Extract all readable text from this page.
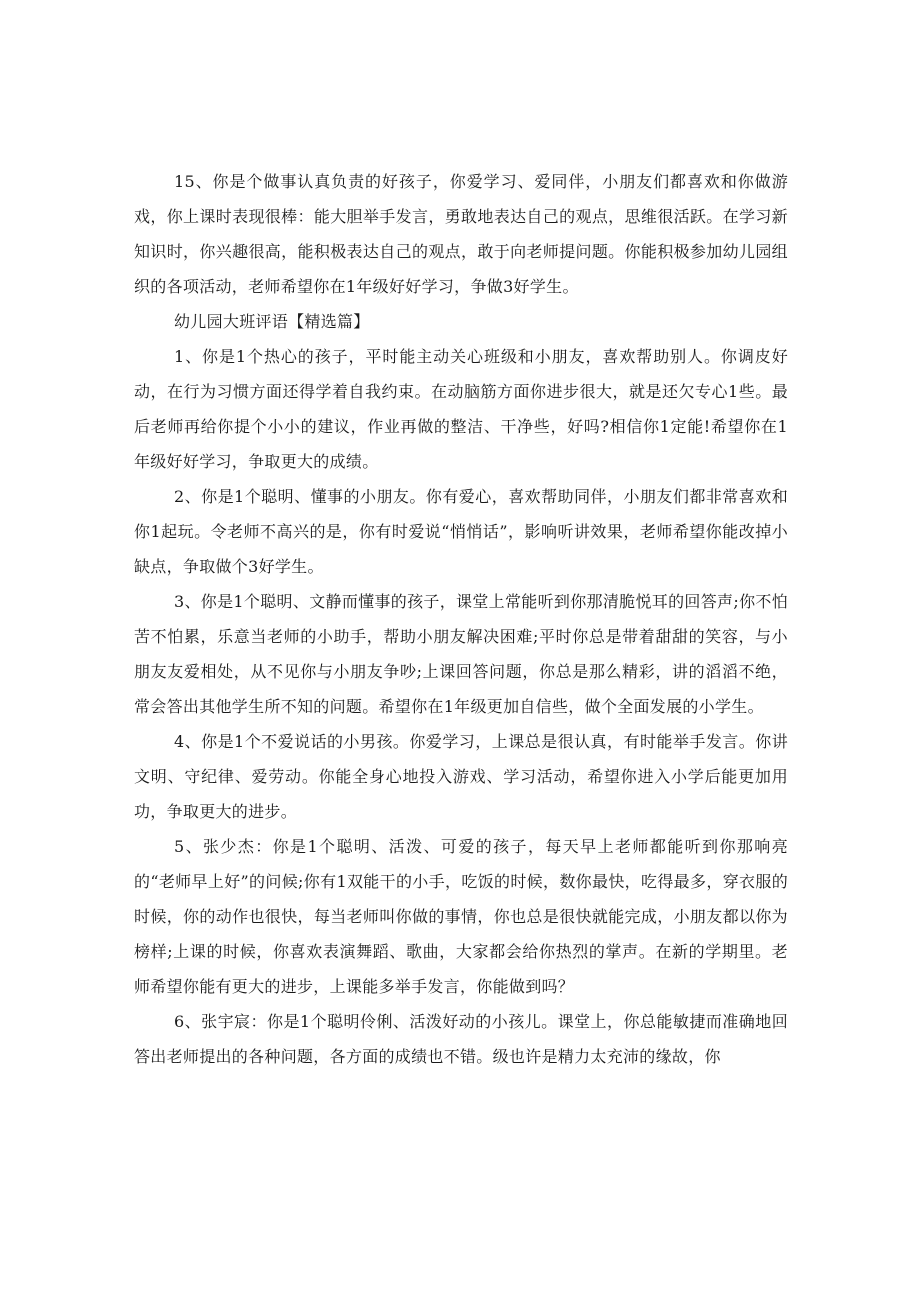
15、你是个做事认真负责的好孩子，你爱学习、爱同伴，小朋友们都喜欢和你做游戏，你上课时表现很棒：能大胆举手发言，勇敢地表达自己的观点，思维很活跃。在学习新知识时，你兴趣很高，能积极表达自己的观点，敢于向老师提问题。你能积极参加幼儿园组织的各项活动，老师希望你在1年级好好学习，争做3好学生。

幼儿园大班评语【精选篇】

1、你是1个热心的孩子，平时能主动关心班级和小朋友，喜欢帮助别人。你调皮好动，在行为习惯方面还得学着自我约束。在动脑筋方面你进步很大，就是还欠专心1些。最后老师再给你提个小小的建议，作业再做的整洁、干净些，好吗?相信你1定能!希望你在1年级好好学习，争取更大的成绩。

2、你是1个聪明、懂事的小朋友。你有爱心，喜欢帮助同伴，小朋友们都非常喜欢和你1起玩。令老师不高兴的是，你有时爱说“悄悄话”，影响听讲效果，老师希望你能改掉小缺点，争取做个3好学生。

3、你是1个聪明、文静而懂事的孩子，课堂上常能听到你那清脆悦耳的回答声;你不怕苦不怕累，乐意当老师的小助手，帮助小朋友解决困难;平时你总是带着甜甜的笑容，与小朋友友爱相处，从不见你与小朋友争吵;上课回答问题，你总是那么精彩，讲的滔滔不绝，常会答出其他学生所不知的问题。希望你在1年级更加自信些，做个全面发展的小学生。

4、你是1个不爱说话的小男孩。你爱学习，上课总是很认真，有时能举手发言。你讲文明、守纪律、爱劳动。你能全身心地投入游戏、学习活动，希望你进入小学后能更加用功，争取更大的进步。

5、张少杰：你是1个聪明、活泼、可爱的孩子，每天早上老师都能听到你那响亮的“老师早上好”的问候;你有1双能干的小手，吃饭的时候，数你最快，吃得最多，穿衣服的时候，你的动作也很快，每当老师叫你做的事情，你也总是很快就能完成，小朋友都以你为榜样;上课的时候，你喜欢表演舞蹈、歌曲，大家都会给你热烈的掌声。在新的学期里。老师希望你能有更大的进步，上课能多举手发言，你能做到吗？

6、张宇宸：你是1个聪明伶俐、活泼好动的小孩儿。课堂上，你总能敏捷而准确地回答出老师提出的各种问题，各方面的成绩也不错。级也许是精力太充沛的缘故，你
